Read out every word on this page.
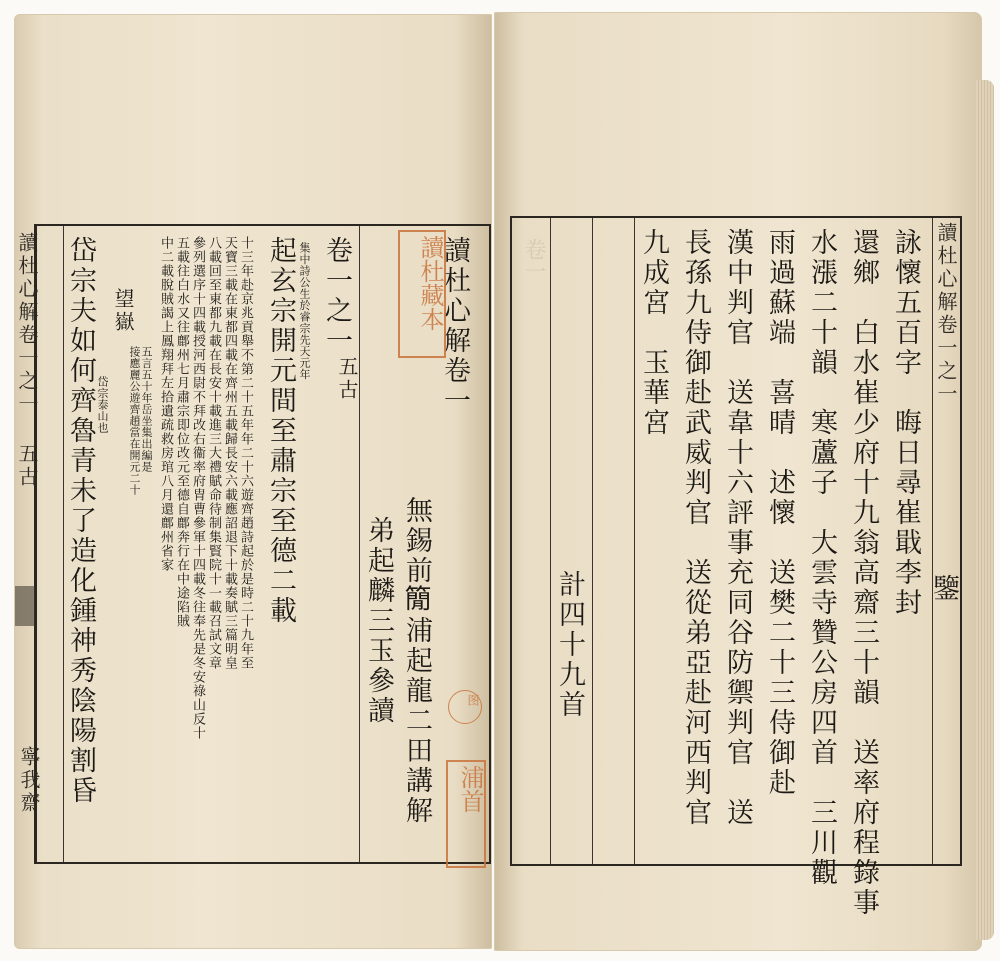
讀杜心解卷一之一 五古
寧我齋 岱宗夫如何齊魯青未了造化鍾神秀陰陽割昏 岱宗泰山也
望嶽
五言五十年岳坐集出編是
接應麗公遊齊趙當在開元二十 中二載脫賊謁上鳳翔拜左拾遺疏救房琯八月還鄜州省家 五載往白水又往鄜州七月肅宗即位改元至德自鄜奔行在中途陷賊 參列選序十四載授河西尉不拜改右衞率府胄曹參軍十四載冬往奉先是冬安祿山反十 八載回至東都九載在長安十載進三大禮賦命待制集賢院十一載召試文章 天寶三載在東都四載在齊州五載歸長安六載應詔退下十載奏賦三篇明皇 十三年赴京兆貢舉不第二十五年年二十六遊齊趙詩起於是時二十九年至 起玄宗開元間至肅宗至德二載 集中詩公生於睿宗先天元年 卷一之一
五古
弟起麟三玉參讀 無錫前𥳑浦起龍二田講解
讀杜心解卷一
讀杜藏本
图
浦首
卷一
計四十九首
九成宮　玉華宮 長孫九侍御赴武威判官　送從弟亞赴河西判官 漢中判官　送韋十六評事充同谷防禦判官　送 雨過蘇端　喜晴　述懷　送樊二十三侍御赴 水漲二十韻　寒蘆子　大雲寺贊公房四首　三川觀 還鄉　白水崔少府十九翁高齋三十韻　送率府程錄事 詠懷五百字　晦日尋崔戢李封 讀杜心解卷一之一
鑒
